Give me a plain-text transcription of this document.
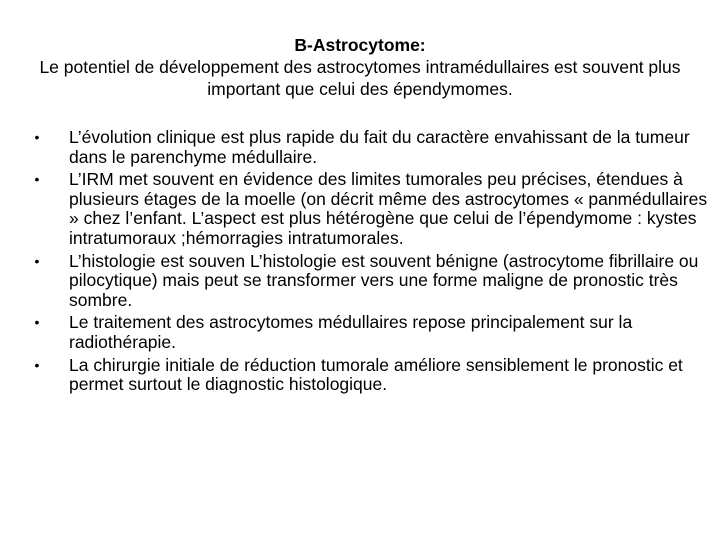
B-Astrocytome:
Le potentiel de développement des astrocytomes intramédullaires est souvent plus important que celui des épendymomes.
• L’évolution clinique est plus rapide du fait du caractère envahissant de la tumeur dans le parenchyme médullaire.
• L’IRM met souvent en évidence des limites tumorales peu précises, étendues à plusieurs étages de la moelle (on décrit même des astrocytomes « panmédullaires » chez l’enfant. L’aspect est plus hétérogène que celui de l’épendymome : kystes intratumoraux ;hémorragies intratumorales.
• L’histologie est souven L’histologie est souvent bénigne (astrocytome fibrillaire ou pilocytique) mais peut se transformer vers une forme maligne de pronostic très sombre.
• Le traitement des astrocytomes médullaires repose principalement sur la radiothérapie.
• La chirurgie initiale de réduction tumorale améliore sensiblement le pronostic et permet surtout le diagnostic histologique.
